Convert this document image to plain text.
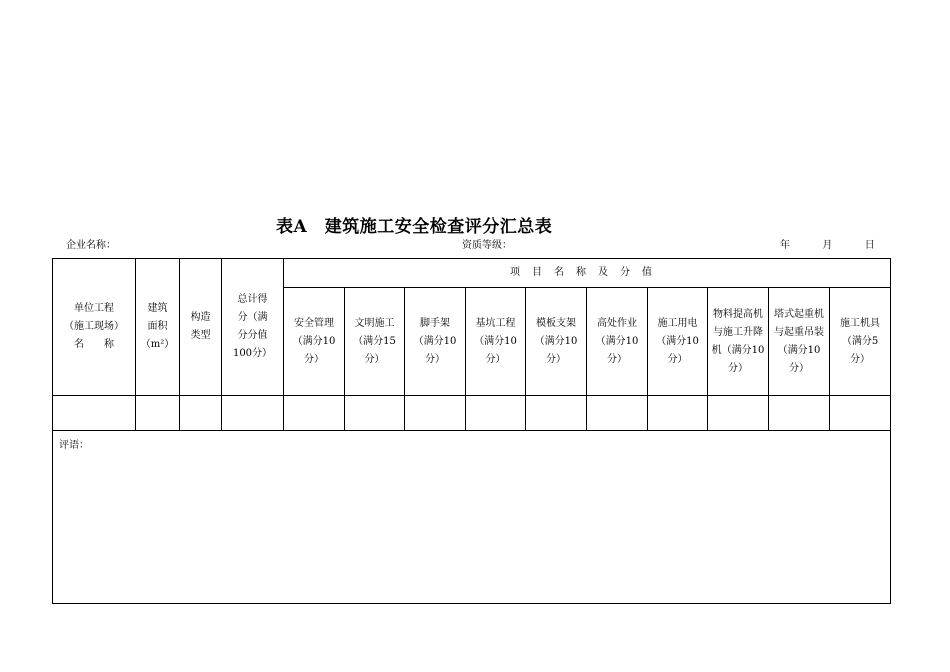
表A　建筑施工安全检查评分汇总表
企业名称：	资质等级：	年	月	日
单位工程
（施工现场）
名　　称	建筑
面积
（m²）	构造
类型	总计得
分（满
分分值
100分）	项目名称及分值									

				安全管理
（满分10
分）	文明施工
（满分15
分）	脚手架
（满分10
分）	基坑工程
（满分10
分）	模板支架
（满分10
分）	高处作业
（满分10
分）	施工用电
（满分10
分）	物料提高机
与施工升降
机（满分10
分）	塔式起重机
与起重吊装
（满分10
分）	施工机具
（满分5
分）

评语：													
